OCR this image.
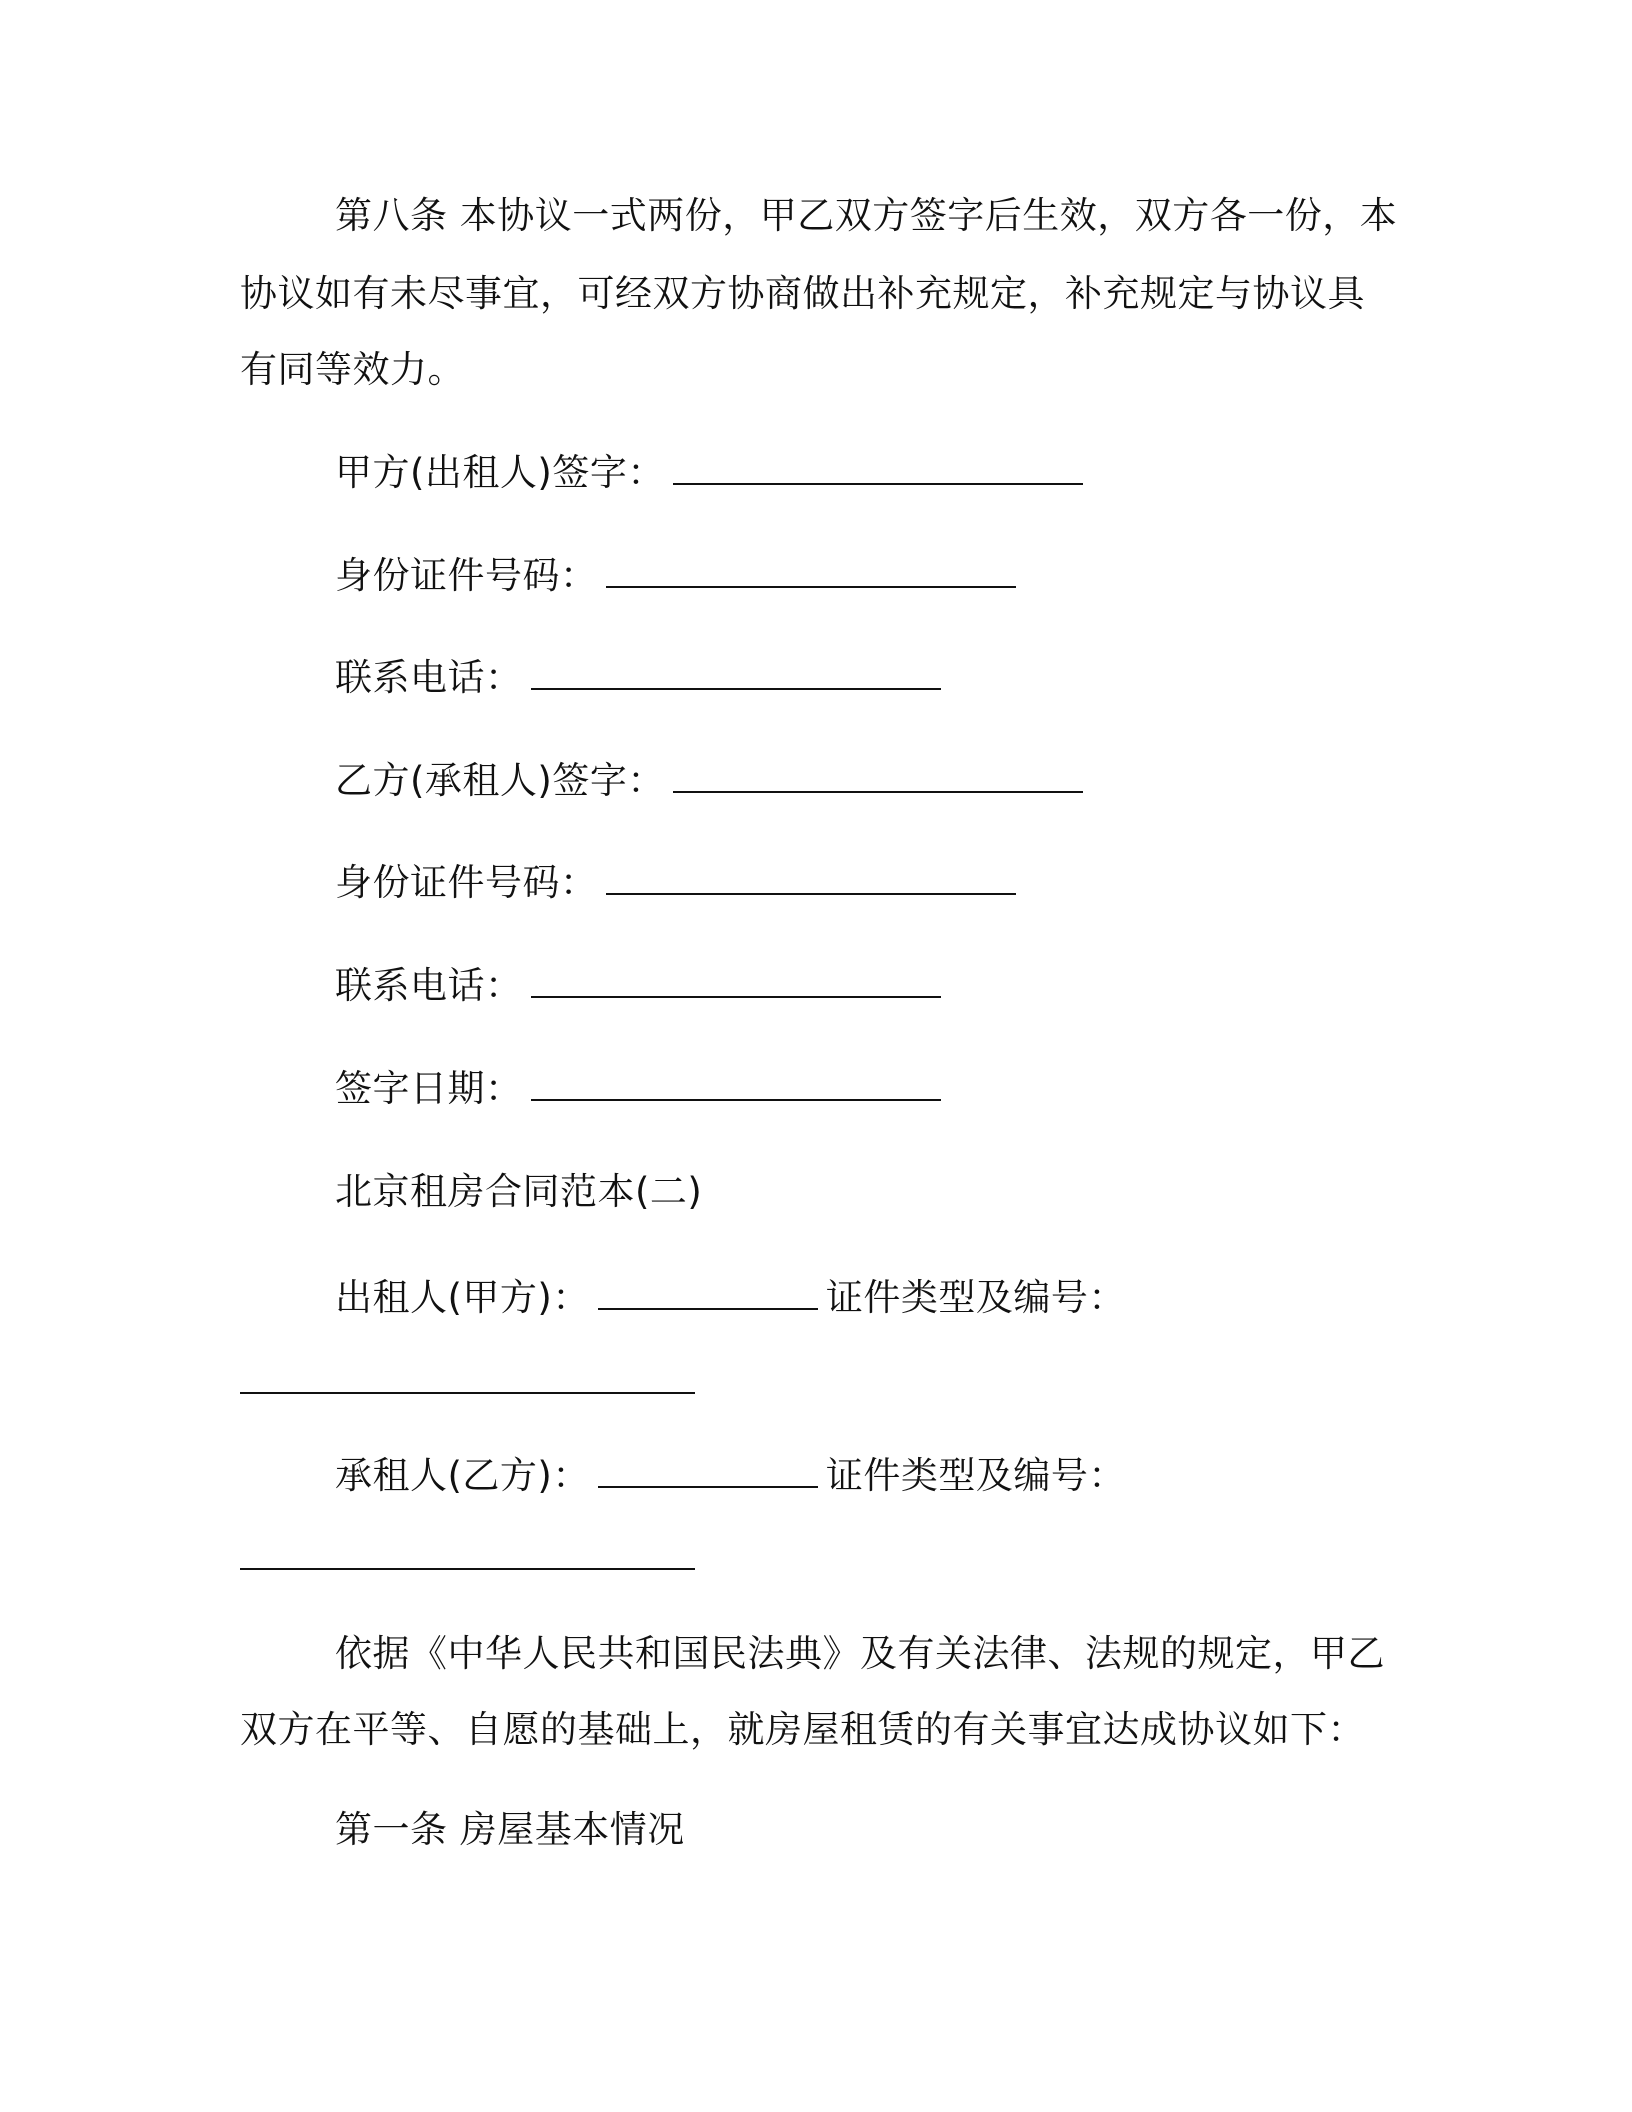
第八条 本协议一式两份，甲乙双方签字后生效，双方各一份，本
协议如有未尽事宜，可经双方协商做出补充规定，补充规定与协议具
有同等效力。
甲方(出租人)签字：
身份证件号码：
联系电话：
乙方(承租人)签字：
身份证件号码：
联系电话：
签字日期：
北京租房合同范本(二)
出租人(甲方)：	证件类型及编号：
承租人(乙方)：	证件类型及编号：
依据《中华人民共和国民法典》及有关法律、法规的规定，甲乙
双方在平等、自愿的基础上，就房屋租赁的有关事宜达成协议如下：
第一条 房屋基本情况
